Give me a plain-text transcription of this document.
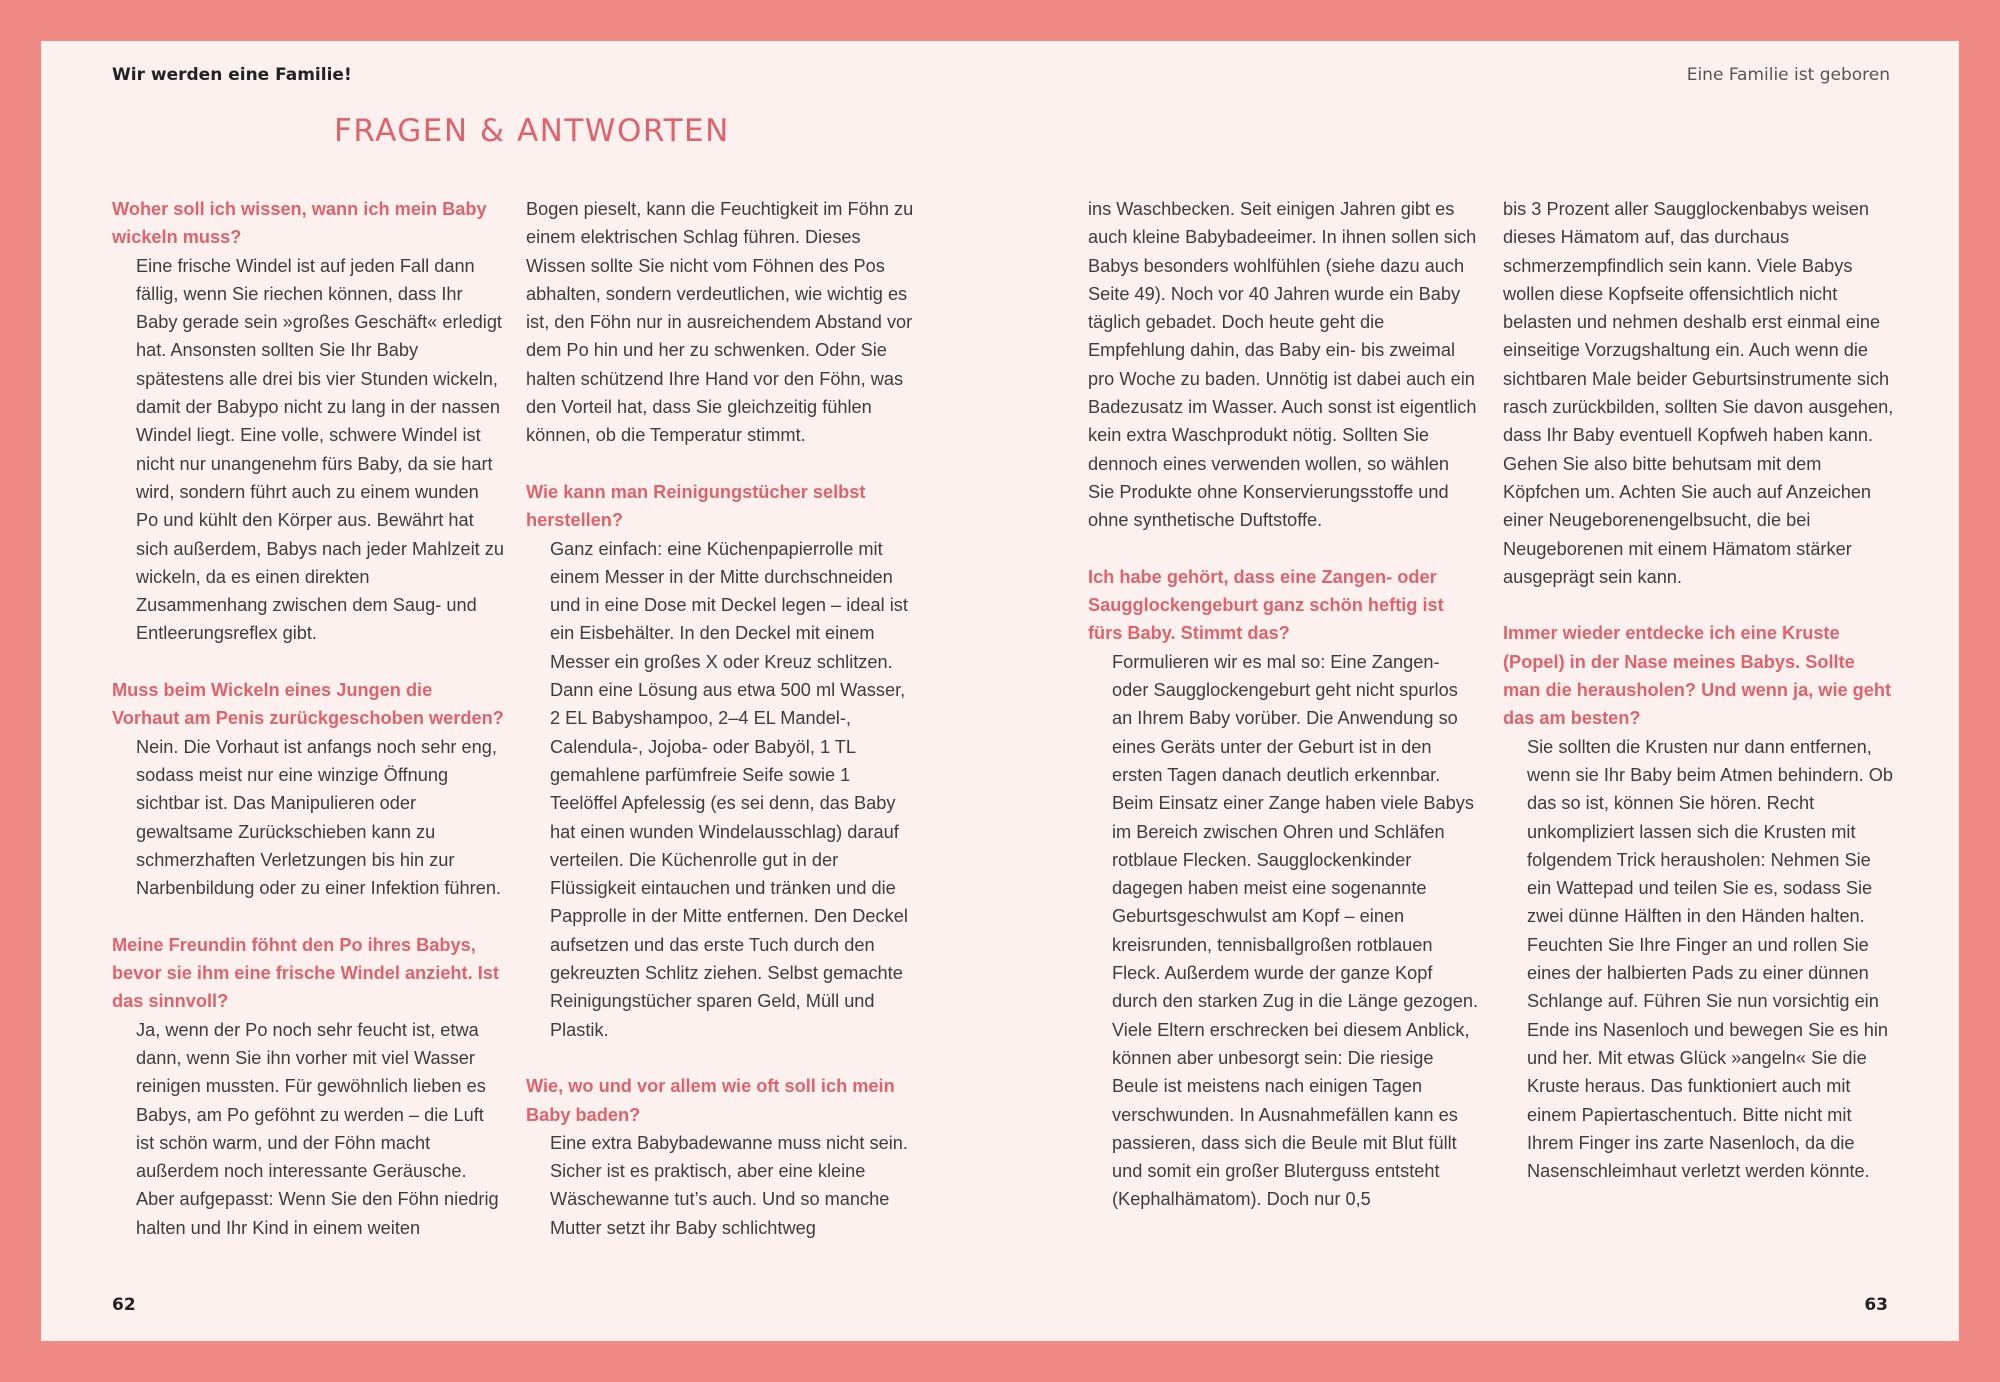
Wir werden eine Familie!	Eine Familie ist geboren
FRAGEN & ANTWORTEN

Woher soll ich wissen, wann ich mein Baby wickeln muss?

Eine frische Windel ist auf jeden Fall dann fällig, wenn Sie riechen können, dass Ihr Baby gerade sein »großes Geschäft« erledigt hat. Ansonsten sollten Sie Ihr Baby spätestens alle drei bis vier Stunden wickeln, damit der Babypo nicht zu lang in der nassen Windel liegt. Eine volle, schwere Windel ist nicht nur unangenehm fürs Baby, da sie hart wird, sondern führt auch zu einem wunden Po und kühlt den Körper aus. Bewährt hat sich außerdem, Babys nach jeder Mahlzeit zu wickeln, da es einen direkten Zusammenhang zwischen dem Saug- und Entleerungsreflex gibt.

Muss beim Wickeln eines Jungen die Vorhaut am Penis zurückgeschoben werden?

Nein. Die Vorhaut ist anfangs noch sehr eng, sodass meist nur eine winzige Öffnung sichtbar ist. Das Manipulieren oder gewaltsame Zurückschieben kann zu schmerzhaften Verletzungen bis hin zur Narbenbildung oder zu einer Infektion führen.

Meine Freundin föhnt den Po ihres Babys, bevor sie ihm eine frische Windel anzieht. Ist das sinnvoll?

Ja, wenn der Po noch sehr feucht ist, etwa dann, wenn Sie ihn vorher mit viel Wasser reinigen mussten. Für gewöhnlich lieben es Babys, am Po geföhnt zu werden – die Luft ist schön warm, und der Föhn macht außerdem noch interessante Geräusche. Aber aufgepasst: Wenn Sie den Föhn niedrig halten und Ihr Kind in einem weiten

Bogen pieselt, kann die Feuchtigkeit im Föhn zu einem elektrischen Schlag führen. Dieses Wissen sollte Sie nicht vom Föhnen des Pos abhalten, sondern verdeutlichen, wie wichtig es ist, den Föhn nur in ausreichendem Abstand vor dem Po hin und her zu schwenken. Oder Sie halten schützend Ihre Hand vor den Föhn, was den Vorteil hat, dass Sie gleichzeitig fühlen können, ob die Temperatur stimmt.

Wie kann man Reinigungstücher selbst herstellen?

Ganz einfach: eine Küchenpapierrolle mit einem Messer in der Mitte durchschneiden und in eine Dose mit Deckel legen – ideal ist ein Eisbehälter. In den Deckel mit einem Messer ein großes X oder Kreuz schlitzen. Dann eine Lösung aus etwa 500 ml Wasser, 2 EL Babyshampoo, 2–4 EL Mandel-, Calendula-, Jojoba- oder Babyöl, 1 TL gemahlene parfümfreie Seife sowie 1 Teelöffel Apfelessig (es sei denn, das Baby hat einen wunden Windelausschlag) darauf verteilen. Die Küchenrolle gut in der Flüssigkeit eintauchen und tränken und die Papprolle in der Mitte entfernen. Den Deckel aufsetzen und das erste Tuch durch den gekreuzten Schlitz ziehen. Selbst gemachte Reinigungstücher sparen Geld, Müll und Plastik.

Wie, wo und vor allem wie oft soll ich mein Baby baden?

Eine extra Babybadewanne muss nicht sein. Sicher ist es praktisch, aber eine kleine Wäschewanne tut’s auch. Und so manche Mutter setzt ihr Baby schlichtweg

ins Waschbecken. Seit einigen Jahren gibt es auch kleine Babybadeeimer. In ihnen sollen sich Babys besonders wohlfühlen (siehe dazu auch Seite 49). Noch vor 40 Jahren wurde ein Baby täglich gebadet. Doch heute geht die Empfehlung dahin, das Baby ein- bis zweimal pro Woche zu baden. Unnötig ist dabei auch ein Badezusatz im Wasser. Auch sonst ist eigentlich kein extra Waschprodukt nötig. Sollten Sie dennoch eines verwenden wollen, so wählen Sie Produkte ohne Konservierungsstoffe und ohne synthetische Duftstoffe.

Ich habe gehört, dass eine Zangen- oder Saugglockengeburt ganz schön heftig ist fürs Baby. Stimmt das?

Formulieren wir es mal so: Eine Zangen- oder Saugglockengeburt geht nicht spurlos an Ihrem Baby vorüber. Die Anwendung so eines Geräts unter der Geburt ist in den ersten Tagen danach deutlich erkennbar. Beim Einsatz einer Zange haben viele Babys im Bereich zwischen Ohren und Schläfen rotblaue Flecken. Saugglockenkinder dagegen haben meist eine sogenannte Geburtsgeschwulst am Kopf – einen kreisrunden, tennisballgroßen rotblauen Fleck. Außerdem wurde der ganze Kopf durch den starken Zug in die Länge gezogen. Viele Eltern erschrecken bei diesem Anblick, können aber unbesorgt sein: Die riesige Beule ist meistens nach einigen Tagen verschwunden. In Ausnahmefällen kann es passieren, dass sich die Beule mit Blut füllt und somit ein großer Bluterguss entsteht (Kephalhämatom). Doch nur 0,5

bis 3 Prozent aller Saugglockenbabys weisen dieses Hämatom auf, das durchaus schmerzempfindlich sein kann. Viele Babys wollen diese Kopfseite offensichtlich nicht belasten und nehmen deshalb erst einmal eine einseitige Vorzugshaltung ein. Auch wenn die sichtbaren Male beider Geburtsinstrumente sich rasch zurückbilden, sollten Sie davon ausgehen, dass Ihr Baby eventuell Kopfweh haben kann. Gehen Sie also bitte behutsam mit dem Köpfchen um. Achten Sie auch auf Anzeichen einer Neugeborenengelbsucht, die bei Neugeborenen mit einem Hämatom stärker ausgeprägt sein kann.

Immer wieder entdecke ich eine Kruste (Popel) in der Nase meines Babys. Sollte man die herausholen? Und wenn ja, wie geht das am besten?

Sie sollten die Krusten nur dann entfernen, wenn sie Ihr Baby beim Atmen behindern. Ob das so ist, können Sie hören. Recht unkompliziert lassen sich die Krusten mit folgendem Trick herausholen: Nehmen Sie ein Wattepad und teilen Sie es, sodass Sie zwei dünne Hälften in den Händen halten. Feuchten Sie Ihre Finger an und rollen Sie eines der halbierten Pads zu einer dünnen Schlange auf. Führen Sie nun vorsichtig ein Ende ins Nasenloch und bewegen Sie es hin und her. Mit etwas Glück »angeln« Sie die Kruste heraus. Das funktioniert auch mit einem Papiertaschentuch. Bitte nicht mit Ihrem Finger ins zarte Nasenloch, da die Nasenschleimhaut verletzt werden könnte.

62	63
